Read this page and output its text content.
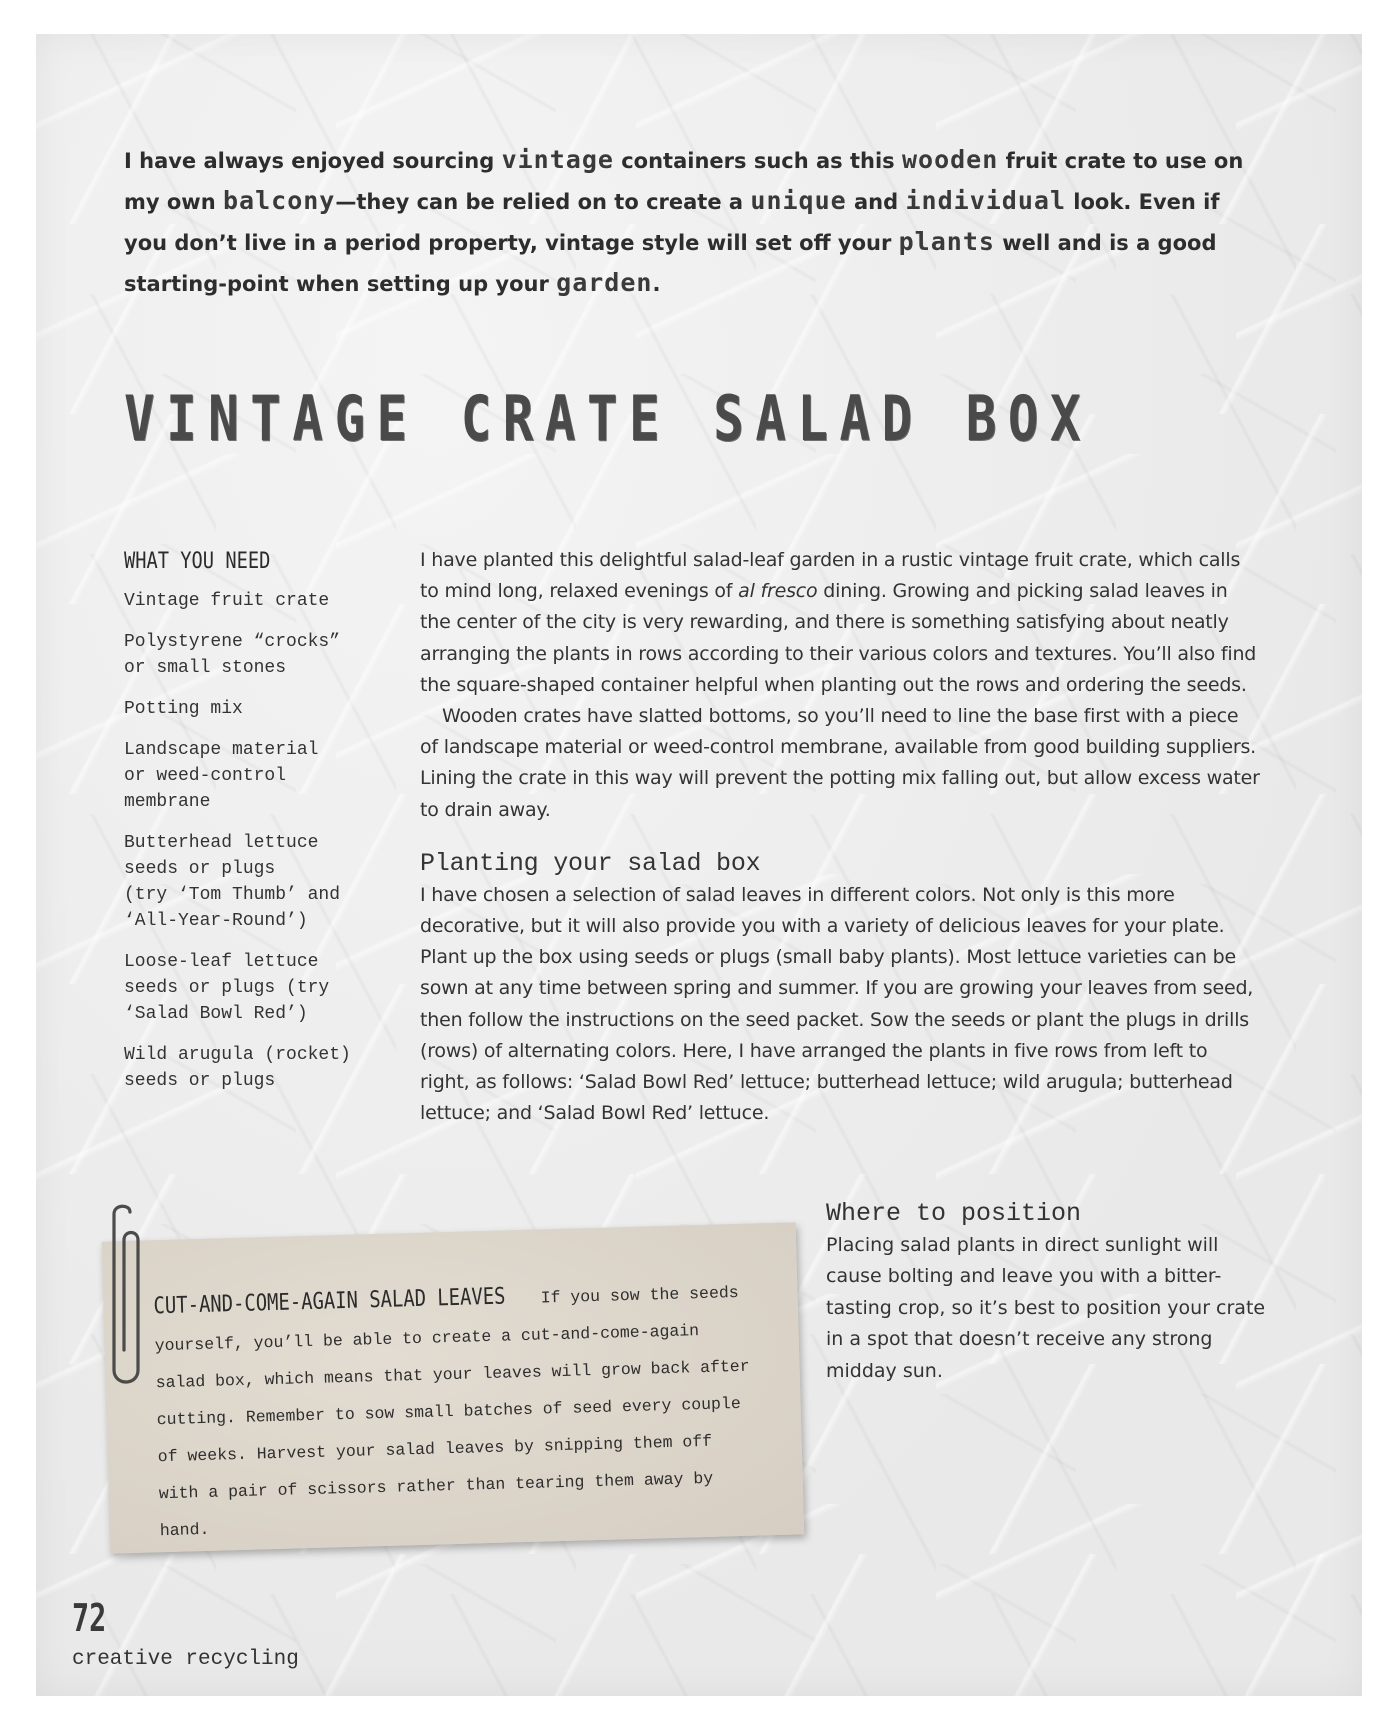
I have always enjoyed sourcing vintage containers such as this wooden fruit crate to use on my own balcony—they can be relied on to create a unique and individual look. Even if you don’t live in a period property, vintage style will set off your plants well and is a good starting-point when setting up your garden.

VINTAGE CRATE SALAD BOX
WHAT YOU NEED
Vintage fruit crate
Polystyrene “crocks”
or small stones
Potting mix
Landscape material
or weed-control
membrane
Butterhead lettuce
seeds or plugs
(try ‘Tom Thumb’ and
‘All-Year-Round’)
Loose-leaf lettuce
seeds or plugs (try
‘Salad Bowl Red’)
Wild arugula (rocket)
seeds or plugs

I have planted this delightful salad-leaf garden in a rustic vintage fruit crate, which calls to mind long, relaxed evenings of al fresco dining. Growing and picking salad leaves in the center of the city is very rewarding, and there is something satisfying about neatly arranging the plants in rows according to their various colors and textures. You’ll also find the square-shaped container helpful when planting out the rows and ordering the seeds.

Wooden crates have slatted bottoms, so you’ll need to line the base first with a piece of landscape material or weed-control membrane, available from good building suppliers. Lining the crate in this way will prevent the potting mix falling out, but allow excess water to drain away.

Planting your salad box

I have chosen a selection of salad leaves in different colors. Not only is this more decorative, but it will also provide you with a variety of delicious leaves for your plate. Plant up the box using seeds or plugs (small baby plants). Most lettuce varieties can be sown at any time between spring and summer. If you are growing your leaves from seed, then follow the instructions on the seed packet. Sow the seeds or plant the plugs in drills (rows) of alternating colors. Here, I have arranged the plants in five rows from left to right, as follows: ‘Salad Bowl Red’ lettuce; butterhead lettuce; wild arugula; butterhead lettuce; and ‘Salad Bowl Red’ lettuce.

Where to position

Placing salad plants in direct sunlight will cause bolting and leave you with a bitter-tasting crop, so it’s best to position your crate in a spot that doesn’t receive any strong midday sun.

CUT-AND-COME-AGAIN SALAD LEAVES If you sow the seeds yourself, you’ll be able to create a cut-and-come-again salad box, which means that your leaves will grow back after cutting. Remember to sow small batches of seed every couple of weeks. Harvest your salad leaves by snipping them off with a pair of scissors rather than tearing them away by hand.
72
creative recycling
